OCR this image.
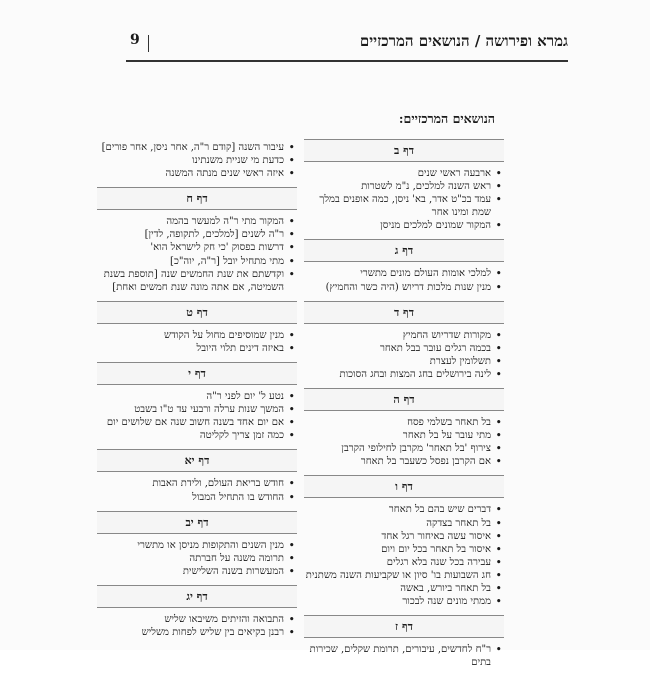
גמרא ופירושה / הנושאים המרכזיים
9
הנושאים המרכזיים:
דף ב
• ארבעה ראשי שנים
• ראש השנה למלכים, נ"מ לשטרות
• עמד בכ"ט אדר, בא' ניסן, כמה אופנים במלך שמת ומינו אחר
• המקור שמונים למלכים מניסן
דף ג
• למלכי אומות העולם מונים מתשרי
• מנין שנות מלכות דריוש (היה כשר והחמיץ)
דף ד
• מקורות שדריוש החמיץ
• בכמה רגלים עובר בבל תאחר
• תשלומין לעצרת
• לינה בירושלים בחג המצות ובחג הסוכות
דף ה
• בל תאחר בשלמי פסח
• מתי עובר על בל תאחר
• צירוף 'בל תאחר' מקרבן לחילופי הקרבן
• אם הקרבן נפסל כשעבר בל תאחר
דף ו
• דברים שיש בהם בל תאחר
• בל תאחר בצדקה
• איסור עשה באיחור רגל אחד
• איסור בל תאחר בכל יום ויום
• עבירה בכל שנה בלא רגלים
• חג השבועות בו' סיון או שקביעות השנה משתנית
• בל תאחר ביורש, באשה
• ממתי מונים שנה לבכור
דף ז
• ר"ח לחדשים, עיבורים, תרומת שקלים, שכירות בתים
• עיבור השנה [קודם ר"ה, אחר ניסן, אחר פורים]
• כדעת מי שניית משנתינו
• איזה ראשי שנים מנתה המשנה
דף ח
• המקור מתי ר"ה למעשר בהמה
• ר"ה לשנים [למלכים, לתקופה, לדין]
• דרשות בפסוק 'כי חק לישראל הוא'
• מתי מתחיל יובל [ר"ה, יוה"כ]
• וקדשתם את שנת החמשים שנה [תוספת בשנת השמיטה, אם אתה מונה שנת חמשים ואחת]
דף ט
• מנין שמוסיפים מחול על הקודש
• באיזה דינים תלוי היובל
דף י
• נטע ל' יום לפני ר"ה
• המשך שנות ערלה ורבעי עד ט"ו בשבט
• אם יום אחד בשנה חשוב שנה אם שלושים יום
• כמה זמן צריך לקליטה
דף יא
• חודש בריאת העולם, ולידת האבות
• החודש בו התחיל המבול
דף יב
• מנין השנים והתקופות מניסן או מתשרי
• תרומה משנה על חברתה
• המעשרות בשנה השלישית
דף יג
• התבואה והזיתים משיבאו שליש
• רבנן בקיאים בין שליש לפחות משליש
